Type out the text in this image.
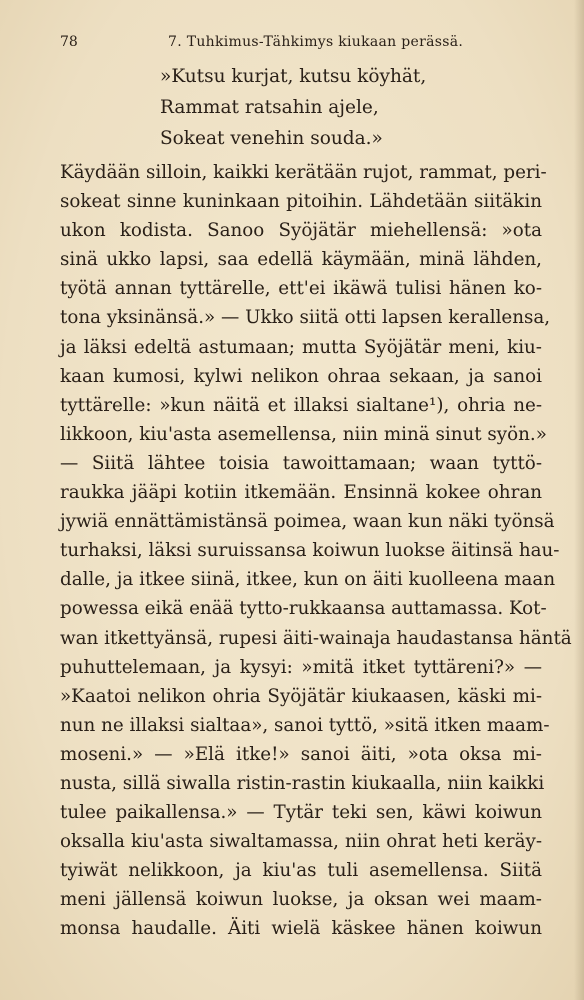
78	7. Tuhkimus-Tähkimys kiukaan perässä.
»Kutsu kurjat, kutsu köyhät,
Rammat ratsahin ajele,
Sokeat venehin souda.»
Käydään silloin, kaikki kerätään rujot, rammat, peri-
sokeat sinne kuninkaan pitoihin. Lähdetään siitäkin
ukon kodista. Sanoo Syöjätär miehellensä: »ota
sinä ukko lapsi, saa edellä käymään, minä lähden,
työtä annan tyttärelle, ett'ei ikäwä tulisi hänen ko-
tona yksinänsä.» — Ukko siitä otti lapsen kerallensa,
ja läksi edeltä astumaan; mutta Syöjätär meni, kiu-
kaan kumosi, kylwi nelikon ohraa sekaan, ja sanoi
tyttärelle: »kun näitä et illaksi sialtane¹), ohria ne-
likkoon, kiu'asta asemellensa, niin minä sinut syön.»
— Siitä lähtee toisia tawoittamaan; waan tyttö-
raukka jääpi kotiin itkemään. Ensinnä kokee ohran
jywiä ennättämistänsä poimea, waan kun näki työnsä
turhaksi, läksi suruissansa koiwun luokse äitinsä hau-
dalle, ja itkee siinä, itkee, kun on äiti kuolleena maan
powessa eikä enää tytto-rukkaansa auttamassa. Kot-
wan itkettyänsä, rupesi äiti-wainaja haudastansa häntä
puhuttelemaan, ja kysyi: »mitä itket tyttäreni?» —
»Kaatoi nelikon ohria Syöjätär kiukaasen, käski mi-
nun ne illaksi sialtaa», sanoi tyttö, »sitä itken maam-
moseni.» — »Elä itke!» sanoi äiti, »ota oksa mi-
nusta, sillä siwalla ristin-rastin kiukaalla, niin kaikki
tulee paikallensa.» — Tytär teki sen, käwi koiwun
oksalla kiu'asta siwaltamassa, niin ohrat heti keräy-
tyiwät nelikkoon, ja kiu'as tuli asemellensa. Siitä
meni jällensä koiwun luokse, ja oksan wei maam-
monsa haudalle. Äiti wielä käskee hänen koiwun
